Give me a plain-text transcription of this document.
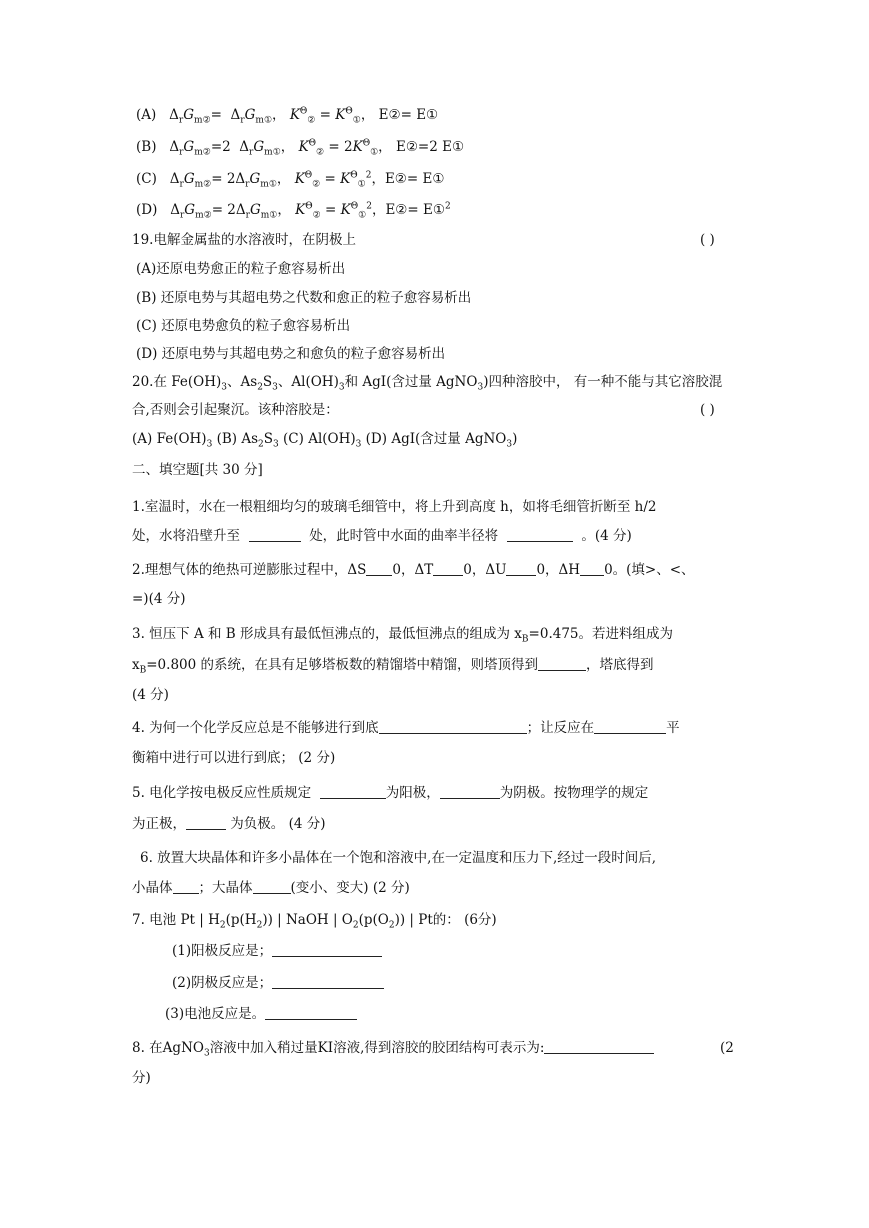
(A) $\Delta_rG_{m②}= \Delta_rG_{m①}$， $K^\Theta_② = K^\Theta_①$， E②= E①
(B) $\Delta_rG_{m②}=2$  $\Delta_rG_{m①}$， $K^\Theta_② = 2K^\Theta_①$， E②=2 E①
(C) $\Delta_rG_{m②}= 2\Delta_rG_{m①}$， $K^\Theta_② = K^\Theta_①^2$，E②= E①
(D) $\Delta_rG_{m②}= 2\Delta_rG_{m①}$， $K^\Theta_② = K^\Theta_①^2$，E②= E①$^2$
19.电解金属盐的水溶液时，在阴极上	( )
(A)还原电势愈正的粒子愈容易析出
(B) 还原电势与其超电势之代数和愈正的粒子愈容易析出
(C) 还原电势愈负的粒子愈容易析出
(D) 还原电势与其超电势之和愈负的粒子愈容易析出
20.在 $Fe(OH)_3$、$As_2S_3$、$Al(OH)_3$和 AgI(含过量 AgNO$_3$)四种溶胶中， 有一种不能与其它溶胶混
合,否则会引起聚沉。该种溶胶是：	( )
(A) $Fe(OH)_3$ (B) $As_2S_3$ (C) $Al(OH)_3$ (D) AgI(含过量 AgNO$_3$)
二、填空题[共 30 分]
1.室温时，水在一根粗细均匀的玻璃毛细管中，将上升到高度 h，如将毛细管折断至 h/2
处，水将沿壁升至	处，此时管中水面的曲率半径将	。(4 分)
2.理想气体的绝热可逆膨胀过程中，ΔS 0，ΔT 0，ΔU 0，ΔH 0。(填>、<、
=)(4 分)
3. 恒压下 A 和 B 形成具有最低恒沸点的，最低恒沸点的组成为 $x_B=0.475$。若进料组成为
$x_B=0.800$ 的系统，在具有足够塔板数的精馏塔中精馏，则塔顶得到	，塔底得到
(4 分)
4. 为何一个化学反应总是不能够进行到底	；让反应在	平
衡箱中进行可以进行到底； (2 分)
5. 电化学按电极反应性质规定	为阳极，	为阴极。按物理学的规定
为正极，	为负极。 (4 分)
6. 放置大块晶体和许多小晶体在一个饱和溶液中,在一定温度和压力下,经过一段时间后,
小晶体 ；大晶体	(变小、变大) (2 分)
7. 电池 Pt | $H_2(p(H_2))$ | NaOH | $O_2(p(O_2))$ | Pt的： (6分)
(1)阳极反应是；
(2)阴极反应是；
(3)电池反应是。
8. 在AgNO$_3$溶液中加入稍过量KI溶液,得到溶胶的胶团结构可表示为:	(2
分)
